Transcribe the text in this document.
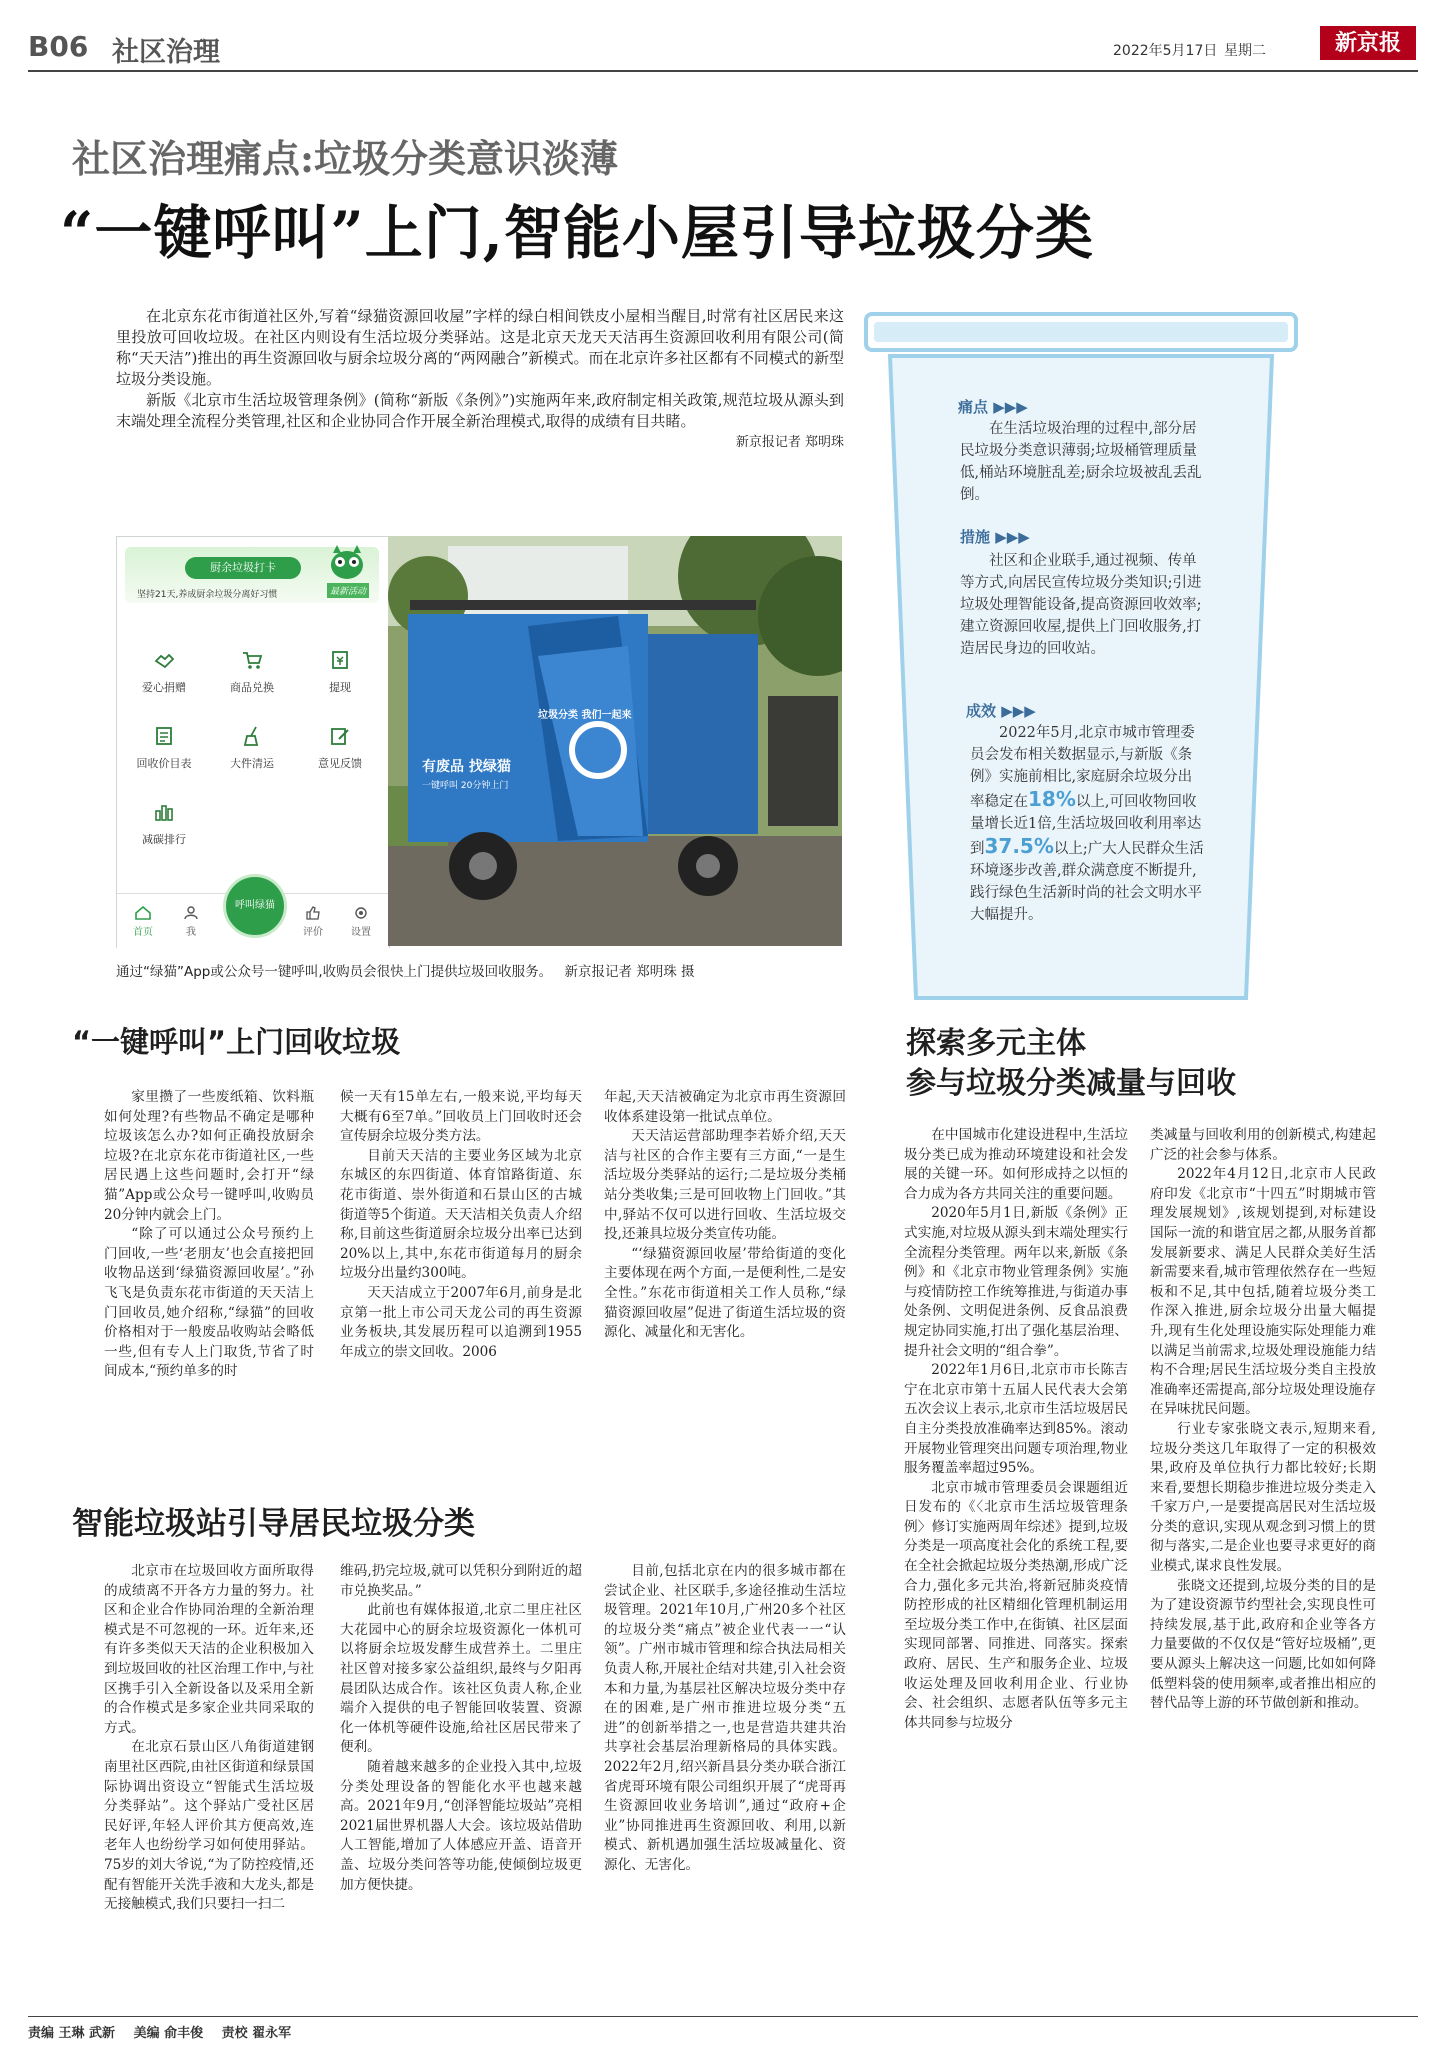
B06 社区治理	2022年5月17日 星期二	新京报
社区治理痛点:垃圾分类意识淡薄
“一键呼叫”上门,智能小屋引导垃圾分类

在北京东花市街道社区外,写着“绿猫资源回收屋”字样的绿白相间铁皮小屋相当醒目,时常有社区居民来这里投放可回收垃圾。在社区内则设有生活垃圾分类驿站。这是北京天龙天天洁再生资源回收利用有限公司(简称“天天洁”)推出的再生资源回收与厨余垃圾分离的“两网融合”新模式。而在北京许多社区都有不同模式的新型垃圾分类设施。

新版《北京市生活垃圾管理条例》(简称“新版《条例》”)实施两年来,政府制定相关政策,规范垃圾从源头到末端处理全流程分类管理,社区和企业协同合作开展全新治理模式,取得的成绩有目共睹。

新京报记者 郑明珠

厨余垃圾打卡
最新活动
坚持21天,养成厨余垃圾分离好习惯
爱心捐赠	商品兑换	提现
回收价目表	大件清运	意见反馈
减碳排行
首页	我
呼叫绿猫
评价	设置
垃圾分类 我们一起来
有废品 找绿猫
一键呼叫 20分钟上门
通过“绿猫”App或公众号一键呼叫,收购员会很快上门提供垃圾回收服务。 新京报记者 郑明珠 摄
痛点 ▶▶▶

在生活垃圾治理的过程中,部分居民垃圾分类意识薄弱;垃圾桶管理质量低,桶站环境脏乱差;厨余垃圾被乱丢乱倒。

措施 ▶▶▶

社区和企业联手,通过视频、传单等方式,向居民宣传垃圾分类知识;引进垃圾处理智能设备,提高资源回收效率;建立资源回收屋,提供上门回收服务,打造居民身边的回收站。

成效 ▶▶▶

2022年5月,北京市城市管理委员会发布相关数据显示,与新版《条例》实施前相比,家庭厨余垃圾分出率稳定在18%以上,可回收物回收量增长近1倍,生活垃圾回收利用率达到37.5%以上;广大人民群众生活环境逐步改善,群众满意度不断提升,践行绿色生活新时尚的社会文明水平大幅提升。

“一键呼叫”上门回收垃圾

家里攒了一些废纸箱、饮料瓶如何处理?有些物品不确定是哪种垃圾该怎么办?如何正确投放厨余垃圾?在北京东花市街道社区,一些居民遇上这些问题时,会打开“绿猫”App或公众号一键呼叫,收购员20分钟内就会上门。

“除了可以通过公众号预约上门回收,一些‘老朋友’也会直接把回收物品送到‘绿猫资源回收屋’。”孙飞飞是负责东花市街道的天天洁上门回收员,她介绍称,“绿猫”的回收价格相对于一般废品收购站会略低一些,但有专人上门取货,节省了时间成本,“预约单多的时

候一天有15单左右,一般来说,平均每天大概有6至7单。”回收员上门回收时还会宣传厨余垃圾分类方法。

目前天天洁的主要业务区域为北京东城区的东四街道、体育馆路街道、东花市街道、崇外街道和石景山区的古城街道等5个街道。天天洁相关负责人介绍称,目前这些街道厨余垃圾分出率已达到20%以上,其中,东花市街道每月的厨余垃圾分出量约300吨。

天天洁成立于2007年6月,前身是北京第一批上市公司天龙公司的再生资源业务板块,其发展历程可以追溯到1955年成立的崇文回收。2006

年起,天天洁被确定为北京市再生资源回收体系建设第一批试点单位。

天天洁运营部助理李若娇介绍,天天洁与社区的合作主要有三方面,“一是生活垃圾分类驿站的运行;二是垃圾分类桶站分类收集;三是可回收物上门回收。”其中,驿站不仅可以进行回收、生活垃圾交投,还兼具垃圾分类宣传功能。

“‘绿猫资源回收屋’带给街道的变化主要体现在两个方面,一是便利性,二是安全性。”东花市街道相关工作人员称,“绿猫资源回收屋”促进了街道生活垃圾的资源化、减量化和无害化。

智能垃圾站引导居民垃圾分类

北京市在垃圾回收方面所取得的成绩离不开各方力量的努力。社区和企业合作协同治理的全新治理模式是不可忽视的一环。近年来,还有许多类似天天洁的企业积极加入到垃圾回收的社区治理工作中,与社区携手引入全新设备以及采用全新的合作模式是多家企业共同采取的方式。

在北京石景山区八角街道建钢南里社区西院,由社区街道和绿景国际协调出资设立“智能式生活垃圾分类驿站”。这个驿站广受社区居民好评,年轻人评价其方便高效,连老年人也纷纷学习如何使用驿站。75岁的刘大爷说,“为了防控疫情,还配有智能开关洗手液和大龙头,都是无接触模式,我们只要扫一扫二

维码,扔完垃圾,就可以凭积分到附近的超市兑换奖品。”

此前也有媒体报道,北京二里庄社区大花园中心的厨余垃圾资源化一体机可以将厨余垃圾发酵生成营养土。二里庄社区曾对接多家公益组织,最终与夕阳再晨团队达成合作。该社区负责人称,企业端介入提供的电子智能回收装置、资源化一体机等硬件设施,给社区居民带来了便利。

随着越来越多的企业投入其中,垃圾分类处理设备的智能化水平也越来越高。2021年9月,“创泽智能垃圾站”亮相2021届世界机器人大会。该垃圾站借助人工智能,增加了人体感应开盖、语音开盖、垃圾分类问答等功能,使倾倒垃圾更加方便快捷。

目前,包括北京在内的很多城市都在尝试企业、社区联手,多途径推动生活垃圾管理。2021年10月,广州20多个社区的垃圾分类“痛点”被企业代表一一“认领”。广州市城市管理和综合执法局相关负责人称,开展社企结对共建,引入社会资本和力量,为基层社区解决垃圾分类中存在的困难,是广州市推进垃圾分类“五进”的创新举措之一,也是营造共建共治共享社会基层治理新格局的具体实践。2022年2月,绍兴新昌县分类办联合浙江省虎哥环境有限公司组织开展了“虎哥再生资源回收业务培训”,通过“政府+企业”协同推进再生资源回收、利用,以新模式、新机遇加强生活垃圾减量化、资源化、无害化。

探索多元主体
参与垃圾分类减量与回收

在中国城市化建设进程中,生活垃圾分类已成为推动环境建设和社会发展的关键一环。如何形成持之以恒的合力成为各方共同关注的重要问题。

2020年5月1日,新版《条例》正式实施,对垃圾从源头到末端处理实行全流程分类管理。两年以来,新版《条例》和《北京市物业管理条例》实施与疫情防控工作统筹推进,与街道办事处条例、文明促进条例、反食品浪费规定协同实施,打出了强化基层治理、提升社会文明的“组合拳”。

2022年1月6日,北京市市长陈吉宁在北京市第十五届人民代表大会第五次会议上表示,北京市生活垃圾居民自主分类投放准确率达到85%。滚动开展物业管理突出问题专项治理,物业服务覆盖率超过95%。

北京市城市管理委员会课题组近日发布的《〈北京市生活垃圾管理条例〉修订实施两周年综述》提到,垃圾分类是一项高度社会化的系统工程,要在全社会掀起垃圾分类热潮,形成广泛合力,强化多元共治,将新冠肺炎疫情防控形成的社区精细化管理机制运用至垃圾分类工作中,在街镇、社区层面实现同部署、同推进、同落实。探索政府、居民、生产和服务企业、垃圾收运处理及回收利用企业、行业协会、社会组织、志愿者队伍等多元主体共同参与垃圾分

类减量与回收利用的创新模式,构建起广泛的社会参与体系。

2022年4月12日,北京市人民政府印发《北京市“十四五”时期城市管理发展规划》,该规划提到,对标建设国际一流的和谐宜居之都,从服务首都发展新要求、满足人民群众美好生活新需要来看,城市管理依然存在一些短板和不足,其中包括,随着垃圾分类工作深入推进,厨余垃圾分出量大幅提升,现有生化处理设施实际处理能力难以满足当前需求,垃圾处理设施能力结构不合理;居民生活垃圾分类自主投放准确率还需提高,部分垃圾处理设施存在异味扰民问题。

行业专家张晓文表示,短期来看,垃圾分类这几年取得了一定的积极效果,政府及单位执行力都比较好;长期来看,要想长期稳步推进垃圾分类走入千家万户,一是要提高居民对生活垃圾分类的意识,实现从观念到习惯上的贯彻与落实,二是企业也要寻求更好的商业模式,谋求良性发展。

张晓文还提到,垃圾分类的目的是为了建设资源节约型社会,实现良性可持续发展,基于此,政府和企业等各方力量要做的不仅仅是“管好垃圾桶”,更要从源头上解决这一问题,比如如何降低塑料袋的使用频率,或者推出相应的替代品等上游的环节做创新和推动。

责编 王琳 武新 美编 俞丰俊 责校 翟永军
